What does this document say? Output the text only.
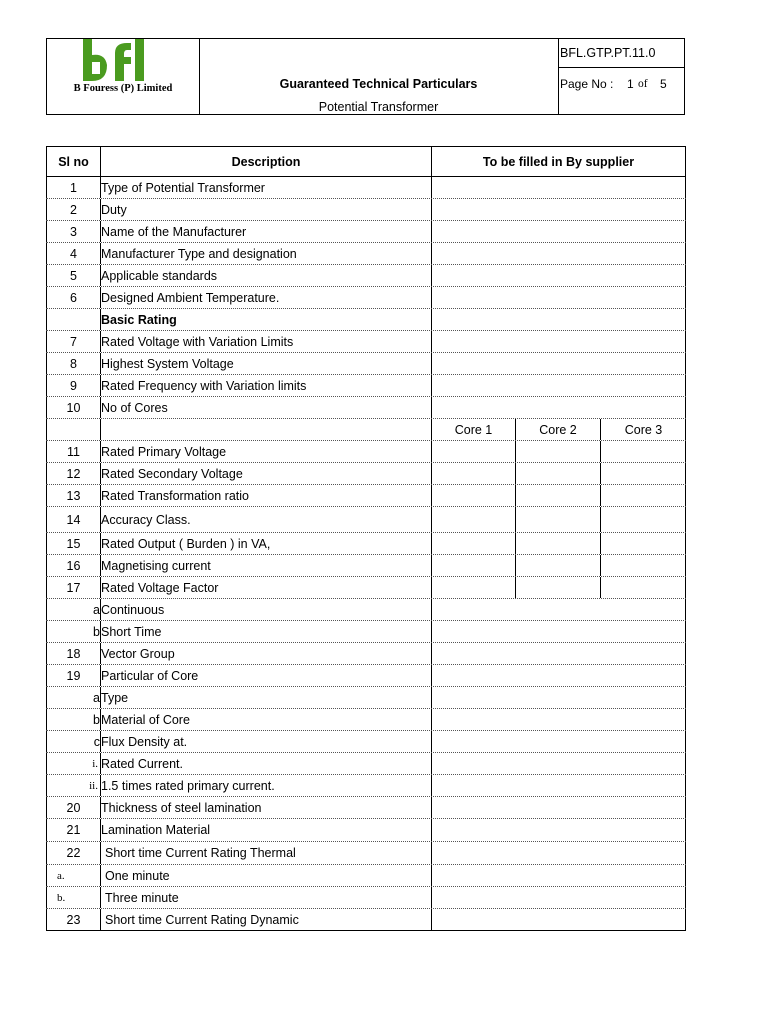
B Fouress (P) Limited	Guaranteed Technical Particulars
Potential Transformer
BFL.GTP.PT.11.0
Page No : 1 of 5
Sl no	Description	To be filled in By supplier
1	Type of Potential Transformer
2	Duty
3	Name of the Manufacturer
4	Manufacturer Type and designation
5	Applicable standards
6	Designed Ambient Temperature.
Basic Rating
7	Rated Voltage with Variation Limits
8	Highest System Voltage
9	Rated Frequency with Variation limits
10	No of Cores
Core 1	Core 2	Core 3
11	Rated Primary Voltage
12	Rated Secondary Voltage
13	Rated Transformation ratio
14	Accuracy Class.
15	Rated Output ( Burden ) in VA,
16	Magnetising current
17	Rated Voltage Factor
a Continuous
b Short Time
18	Vector Group
19	Particular of Core
a Type
b Material of Core
c Flux Density at.
i. Rated Current.
ii. 1.5 times rated primary current.
20	Thickness of steel lamination
21	Lamination Material
22	Short time Current Rating Thermal
a.	One minute
b.	Three minute
23	Short time Current Rating Dynamic
